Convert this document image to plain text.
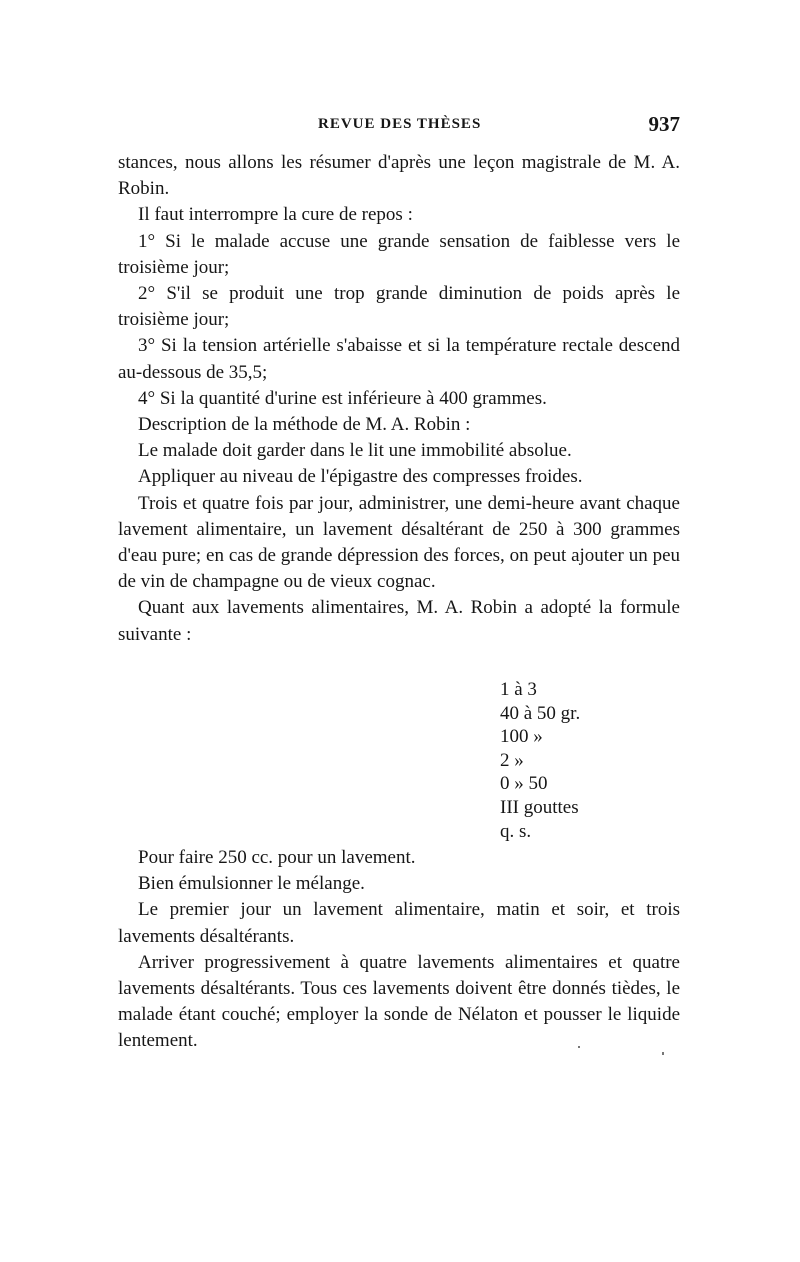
REVUE DES THÈSES	937

stances, nous allons les résumer d'après une leçon magistrale de M. A. Robin.

Il faut interrompre la cure de repos :

1° Si le malade accuse une grande sensation de faiblesse vers le troisième jour;

2° S'il se produit une trop grande diminution de poids après le troisième jour;

3° Si la tension artérielle s'abaisse et si la température rectale descend au-dessous de 35,5;

4° Si la quantité d'urine est inférieure à 400 grammes.

Description de la méthode de M. A. Robin :

Le malade doit garder dans le lit une immobilité absolue.

Appliquer au niveau de l'épigastre des compresses froides.

Trois et quatre fois par jour, administrer, une demi-heure avant chaque lavement alimentaire, un lavement désaltérant de 250 à 300 grammes d'eau pure; en cas de grande dépression des forces, on peut ajouter un peu de vin de champagne ou de vieux cognac.

Quant aux lavements alimentaires, M. A. Robin a adopté la formule suivante :

1 à 3
40 à 50 gr.
100 »
2 »
0 » 50
III gouttes
q. s.

Pour faire 250 cc. pour un lavement.

Bien émulsionner le mélange.

Le premier jour un lavement alimentaire, matin et soir, et trois lavements désaltérants.

Arriver progressivement à quatre lavements alimentaires et quatre lavements désaltérants. Tous ces lavements doivent être donnés tièdes, le malade étant couché; employer la sonde de Nélaton et pousser le liquide lentement.
